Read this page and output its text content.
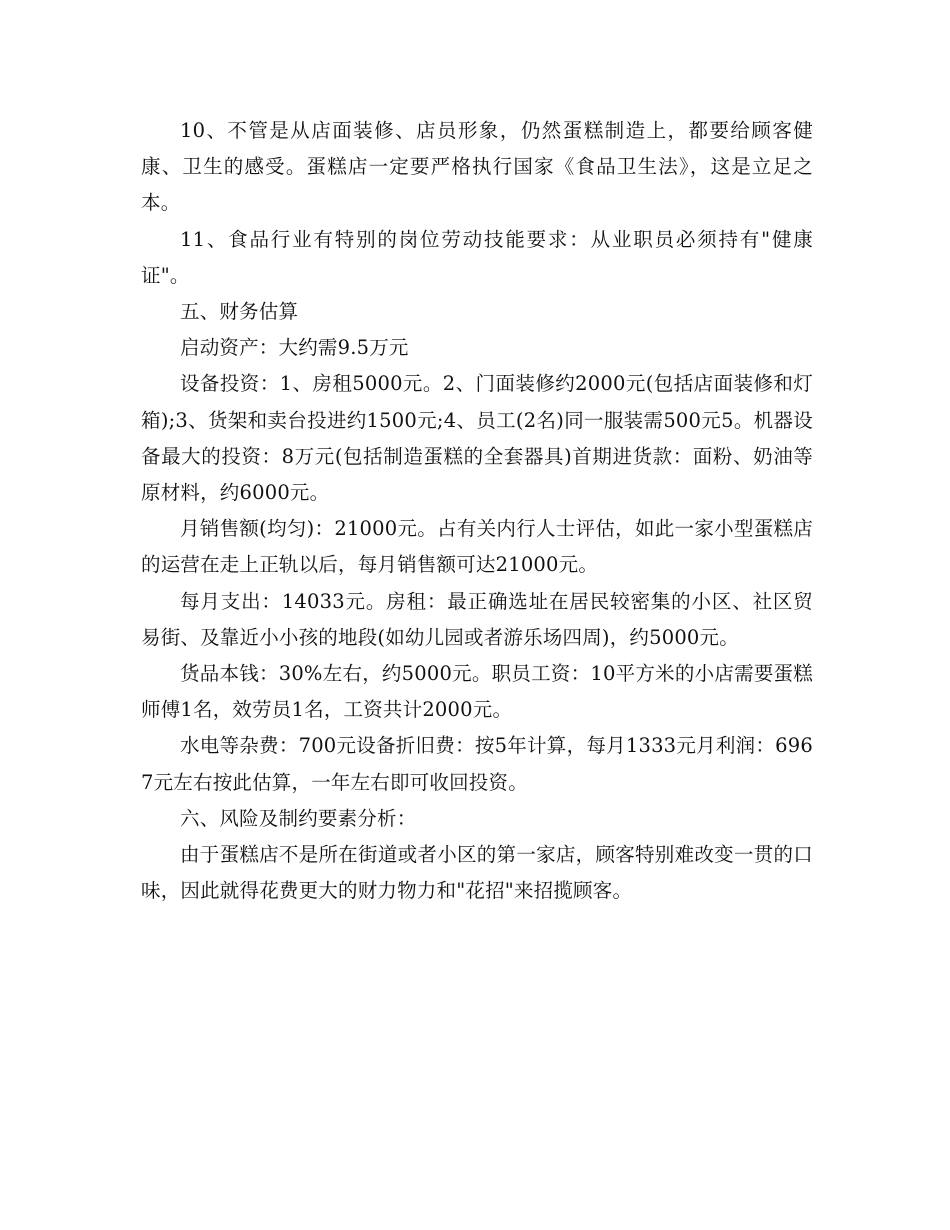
10、不管是从店面装修、店员形象，仍然蛋糕制造上，都要给顾客健康、卫生的感受。蛋糕店一定要严格执行国家《食品卫生法》，这是立足之本。

11、食品行业有特别的岗位劳动技能要求：从业职员必须持有"健康证"。

五、财务估算

启动资产：大约需9.5万元

设备投资：1、房租5000元。2、门面装修约2000元(包括店面装修和灯箱);3、货架和卖台投进约1500元;4、员工(2名)同一服装需500元5。机器设备最大的投资：8万元(包括制造蛋糕的全套器具)首期进货款：面粉、奶油等原材料，约6000元。

月销售额(均匀)：21000元。占有关内行人士评估，如此一家小型蛋糕店的运营在走上正轨以后，每月销售额可达21000元。

每月支出：14033元。房租：最正确选址在居民较密集的小区、社区贸易街、及靠近小小孩的地段(如幼儿园或者游乐场四周)，约5000元。

货品本钱：30%左右，约5000元。职员工资：10平方米的小店需要蛋糕师傅1名，效劳员1名，工资共计2000元。

水电等杂费：700元设备折旧费：按5年计算，每月1333元月利润：6967元左右按此估算，一年左右即可收回投资。

六、风险及制约要素分析：

由于蛋糕店不是所在街道或者小区的第一家店，顾客特别难改变一贯的口味，因此就得花费更大的财力物力和"花招"来招揽顾客。
